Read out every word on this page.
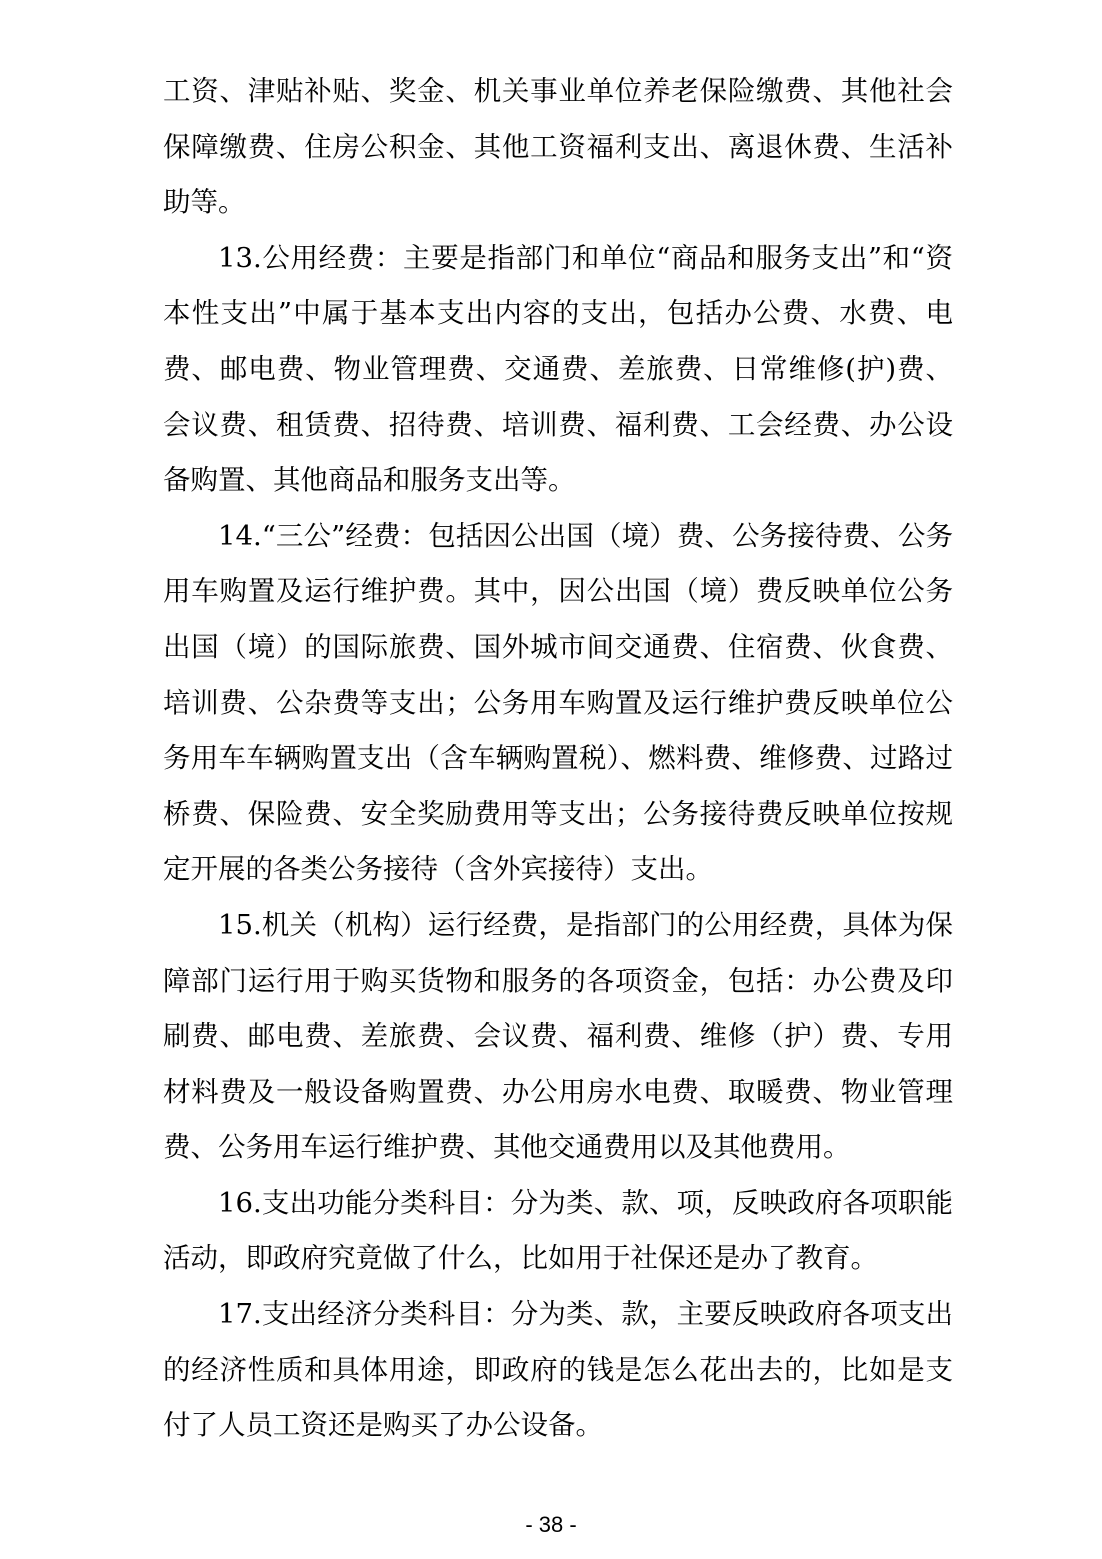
工资、津贴补贴、奖金、机关事业单位养老保险缴费、其他社会保障缴费、住房公积金、其他工资福利支出、离退休费、生活补助等。

13.公用经费：主要是指部门和单位“商品和服务支出”和“资本性支出”中属于基本支出内容的支出，包括办公费、水费、电费、邮电费、物业管理费、交通费、差旅费、日常维修(护)费、会议费、租赁费、招待费、培训费、福利费、工会经费、办公设备购置、其他商品和服务支出等。

14.“三公”经费：包括因公出国（境）费、公务接待费、公务用车购置及运行维护费。其中，因公出国（境）费反映单位公务出国（境）的国际旅费、国外城市间交通费、住宿费、伙食费、培训费、公杂费等支出；公务用车购置及运行维护费反映单位公务用车车辆购置支出（含车辆购置税）、燃料费、维修费、过路过桥费、保险费、安全奖励费用等支出；公务接待费反映单位按规定开展的各类公务接待（含外宾接待）支出。

15.机关（机构）运行经费，是指部门的公用经费，具体为保障部门运行用于购买货物和服务的各项资金，包括：办公费及印刷费、邮电费、差旅费、会议费、福利费、维修（护）费、专用材料费及一般设备购置费、办公用房水电费、取暖费、物业管理费、公务用车运行维护费、其他交通费用以及其他费用。

16.支出功能分类科目：分为类、款、项，反映政府各项职能活动，即政府究竟做了什么，比如用于社保还是办了教育。

17.支出经济分类科目：分为类、款，主要反映政府各项支出的经济性质和具体用途，即政府的钱是怎么花出去的，比如是支付了人员工资还是购买了办公设备。

- 38 -
